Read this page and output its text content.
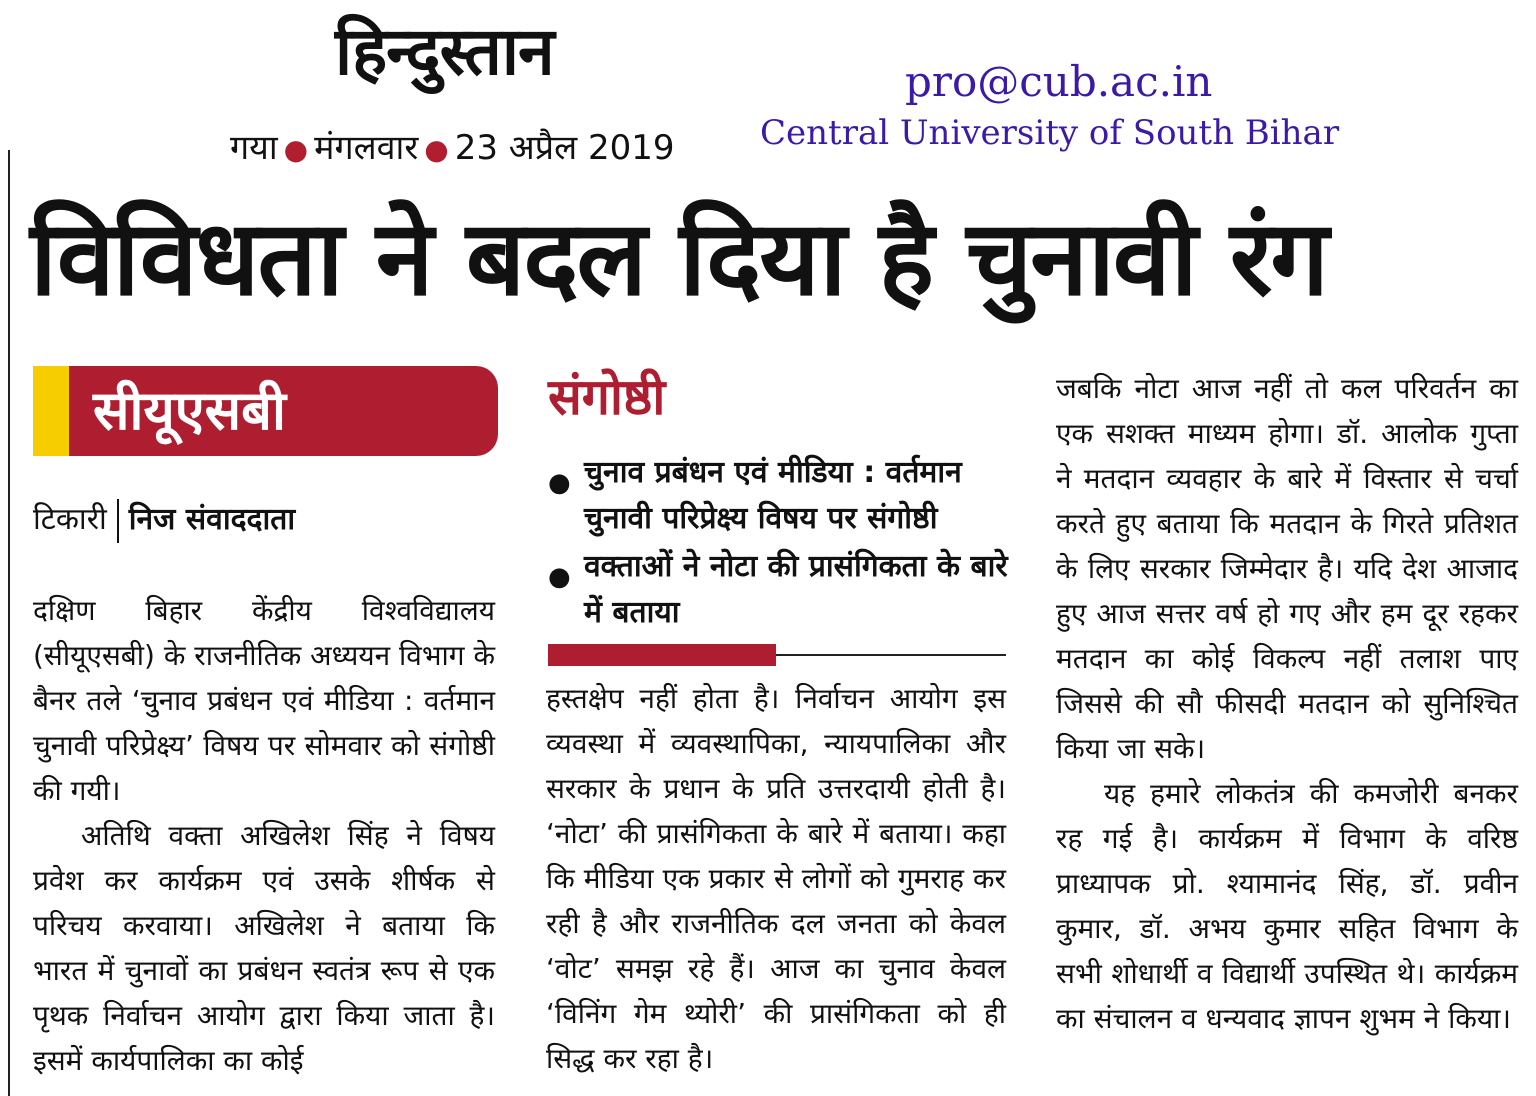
हिन्दुस्तान
गया ● मंगलवार ● 23 अप्रैल 2019
pro@cub.ac.in
Central University of South Bihar
विविधता ने बदल दिया है चुनावी रंग
सीयूएसबी
टिकारी निज संवाददाता

दक्षिण बिहार केंद्रीय विश्वविद्यालय (सीयूएसबी) के राजनीतिक अध्ययन विभाग के बैनर तले ‘चुनाव प्रबंधन एवं मीडिया : वर्तमान चुनावी परिप्रेक्ष्य’ विषय पर सोमवार को संगोष्ठी की गयी।

अतिथि वक्ता अखिलेश सिंह ने विषय प्रवेश कर कार्यक्रम एवं उसके शीर्षक से परिचय करवाया। अखिलेश ने बताया कि भारत में चुनावों का प्रबंधन स्वतंत्र रूप से एक पृथक निर्वाचन आयोग द्वारा किया जाता है। इसमें कार्यपालिका का कोई

संगोष्ठी
● चुनाव प्रबंधन एवं मीडिया : वर्तमान चुनावी परिप्रेक्ष्य विषय पर संगोष्ठी
● वक्ताओं ने नोटा की प्रासंगिकता के बारे में बताया

हस्तक्षेप नहीं होता है। निर्वाचन आयोग इस व्यवस्था में व्यवस्थापिका, न्यायपालिका और सरकार के प्रधान के प्रति उत्तरदायी होती है। ‘नोटा’ की प्रासंगिकता के बारे में बताया। कहा कि मीडिया एक प्रकार से लोगों को गुमराह कर रही है और राजनीतिक दल जनता को केवल ‘वोट’ समझ रहे हैं। आज का चुनाव केवल ‘विनिंग गेम थ्योरी’ की प्रासंगिकता को ही सिद्ध कर रहा है।

जबकि नोटा आज नहीं तो कल परिवर्तन का एक सशक्त माध्यम होगा। डॉ. आलोक गुप्ता ने मतदान व्यवहार के बारे में विस्तार से चर्चा करते हुए बताया कि मतदान के गिरते प्रतिशत के लिए सरकार जिम्मेदार है। यदि देश आजाद हुए आज सत्तर वर्ष हो गए और हम दूर रहकर मतदान का कोई विकल्प नहीं तलाश पाए जिससे की सौ फीसदी मतदान को सुनिश्चित किया जा सके।

यह हमारे लोकतंत्र की कमजोरी बनकर रह गई है। कार्यक्रम में विभाग के वरिष्ठ प्राध्यापक प्रो. श्यामानंद सिंह, डॉ. प्रवीन कुमार, डॉ. अभय कुमार सहित विभाग के सभी शोधार्थी व विद्यार्थी उपस्थित थे। कार्यक्रम का संचालन व धन्यवाद ज्ञापन शुभम ने किया।
